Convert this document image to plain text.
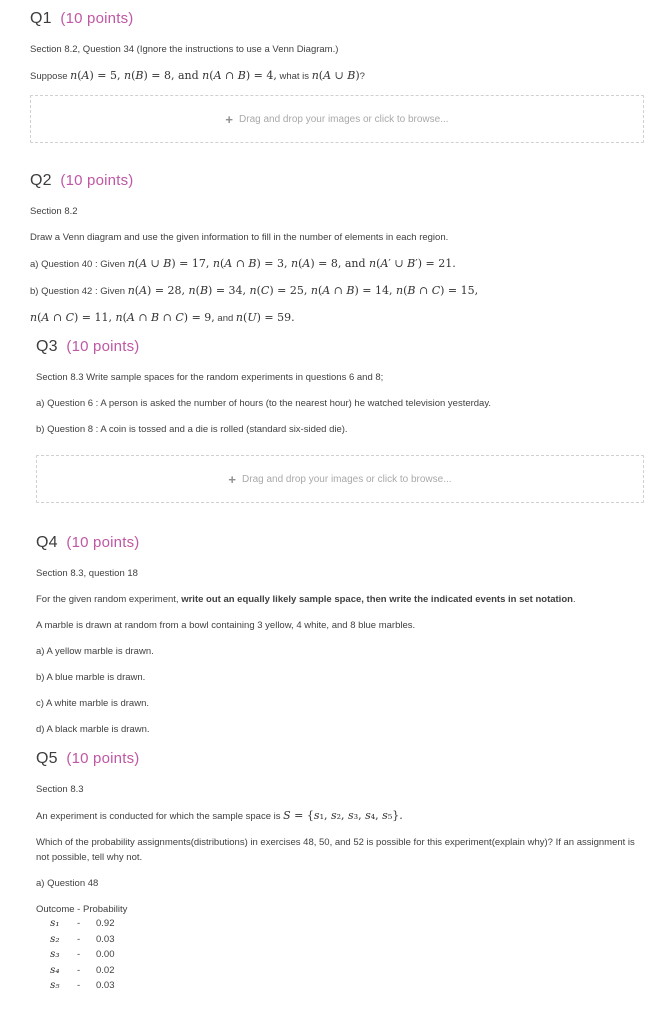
Q1 (10 points)

Section 8.2, Question 34 (Ignore the instructions to use a Venn Diagram.)

Suppose n(A) = 5, n(B) = 8, and n(A ∩ B) = 4, what is n(A ∪ B)?

+ Drag and drop your images or click to browse...
Q2 (10 points)

Section 8.2

Draw a Venn diagram and use the given information to fill in the number of elements in each region.

a) Question 40 : Given n(A ∪ B) = 17, n(A ∩ B) = 3, n(A) = 8, and n(A′ ∪ B′) = 21.

b) Question 42 : Given n(A) = 28, n(B) = 34, n(C) = 25, n(A ∩ B) = 14, n(B ∩ C) = 15,

n(A ∩ C) = 11, n(A ∩ B ∩ C) = 9, and n(U) = 59.

Q3 (10 points)

Section 8.3 Write sample spaces for the random experiments in questions 6 and 8;

a) Question 6 : A person is asked the number of hours (to the nearest hour) he watched television yesterday.

b) Question 8 : A coin is tossed and a die is rolled (standard six-sided die).

+ Drag and drop your images or click to browse...
Q4 (10 points)

Section 8.3, question 18

For the given random experiment, write out an equally likely sample space, then write the indicated events in set notation.

A marble is drawn at random from a bowl containing 3 yellow, 4 white, and 8 blue marbles.

a) A yellow marble is drawn.

b) A blue marble is drawn.

c) A white marble is drawn.

d) A black marble is drawn.

Q5 (10 points)

Section 8.3

An experiment is conducted for which the sample space is S = {s₁, s₂, s₃, s₄, s₅}.

Which of the probability assignments(distributions) in exercises 48, 50, and 52 is possible for this experiment(explain why)? If an assignment is not possible, tell why not.

a) Question 48

Outcome - Probability
s₁	-	0.92
s₂	-	0.03
s₃	-	0.00
s₄	-	0.02
s₅	-	0.03
